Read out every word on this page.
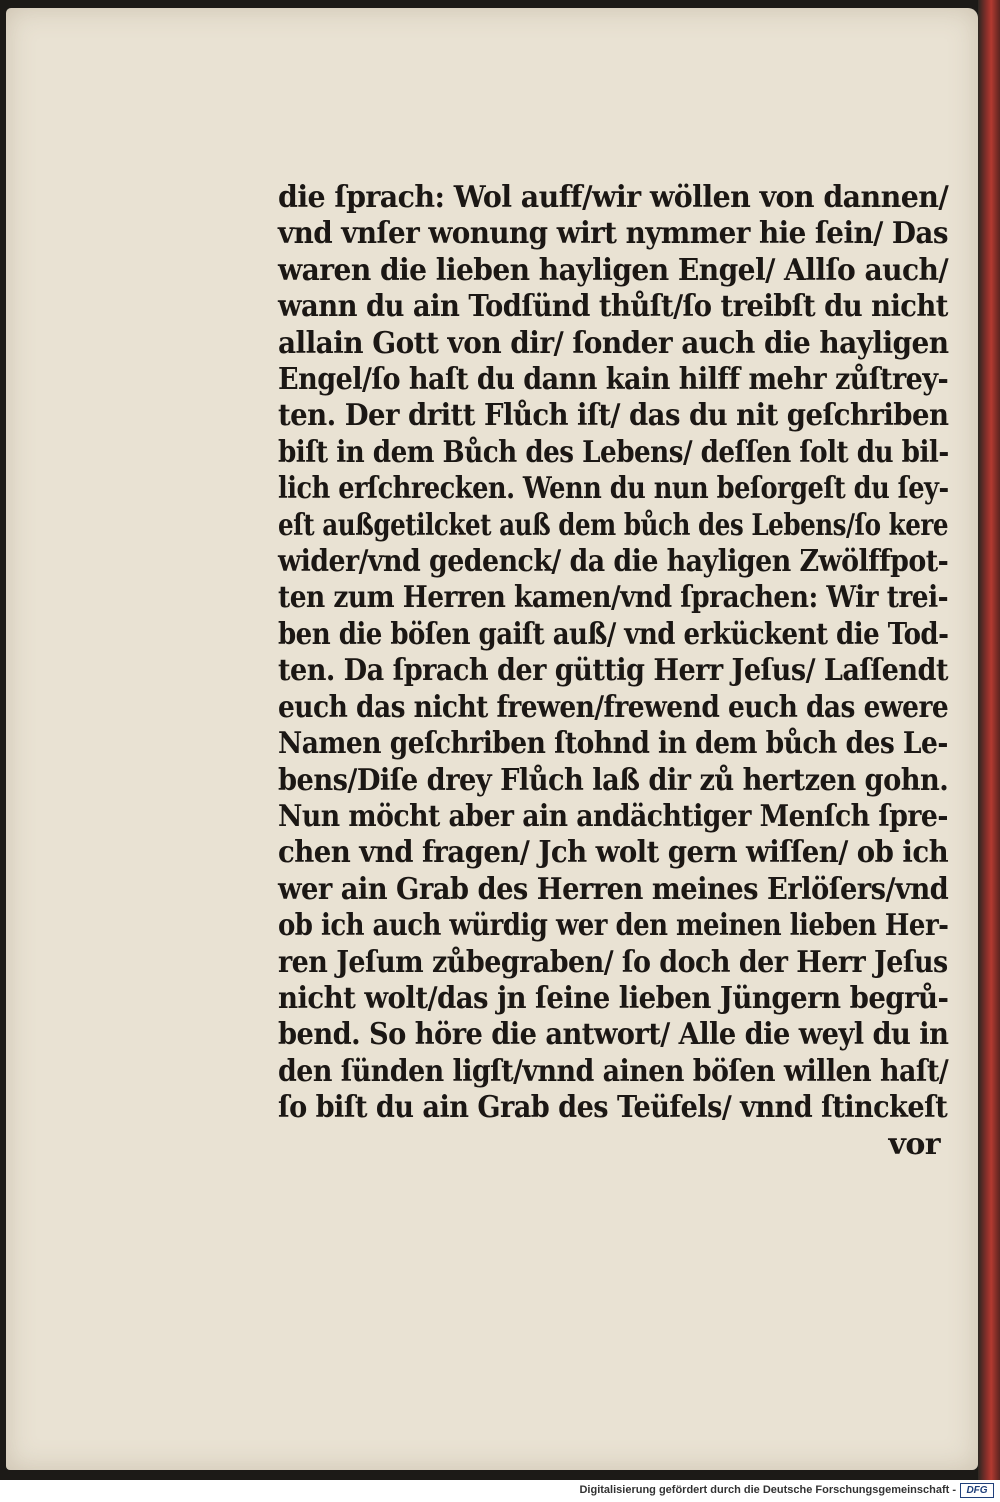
die ſprach: Wol auff/wir wöllen von dannen/
vnd vnſer wonung wirt nymmer hie ſein/ Das
waren die lieben hayligen Engel/ Allſo auch/
wann du ain Todſünd thůſt/ſo treibſt du nicht
allain Gott von dir/ ſonder auch die hayligen
Engel/ſo haſt du dann kain hilff mehr zůſtrey-
ten. Der dritt Flůch iſt/ das du nit geſchriben
biſt in dem Bůch des Lebens/ deſſen ſolt du bil-
lich erſchrecken. Wenn du nun beſorgeſt du ſey-
eſt außgetilcket auß dem bůch des Lebens/ſo kere
wider/vnd gedenck/ da die hayligen Zwölffpot-
ten zum Herren kamen/vnd ſprachen: Wir trei-
ben die böſen gaiſt auß/ vnd erkückent die Tod-
ten. Da ſprach der güttig Herr Jeſus/ Laſſendt
euch das nicht frewen/frewend euch das ewere
Namen geſchriben ſtohnd in dem bůch des Le-
bens/Diſe drey Flůch laß dir zů hertzen gohn.
Nun möcht aber ain andächtiger Menſch ſpre-
chen vnd fragen/ Jch wolt gern wiſſen/ ob ich
wer ain Grab des Herren meines Erlöſers/vnd
ob ich auch würdig wer den meinen lieben Her-
ren Jeſum zůbegraben/ ſo doch der Herr Jeſus
nicht wolt/das jn ſeine lieben Jüngern begrů-
bend. So höre die antwort/ Alle die weyl du in
den ſünden ligſt/vnnd ainen böſen willen haſt/
ſo biſt du ain Grab des Teüfels/ vnnd ſtinckeſt
vor
Digitalisierung gefördert durch die Deutsche Forschungsgemeinschaft -	DFG
